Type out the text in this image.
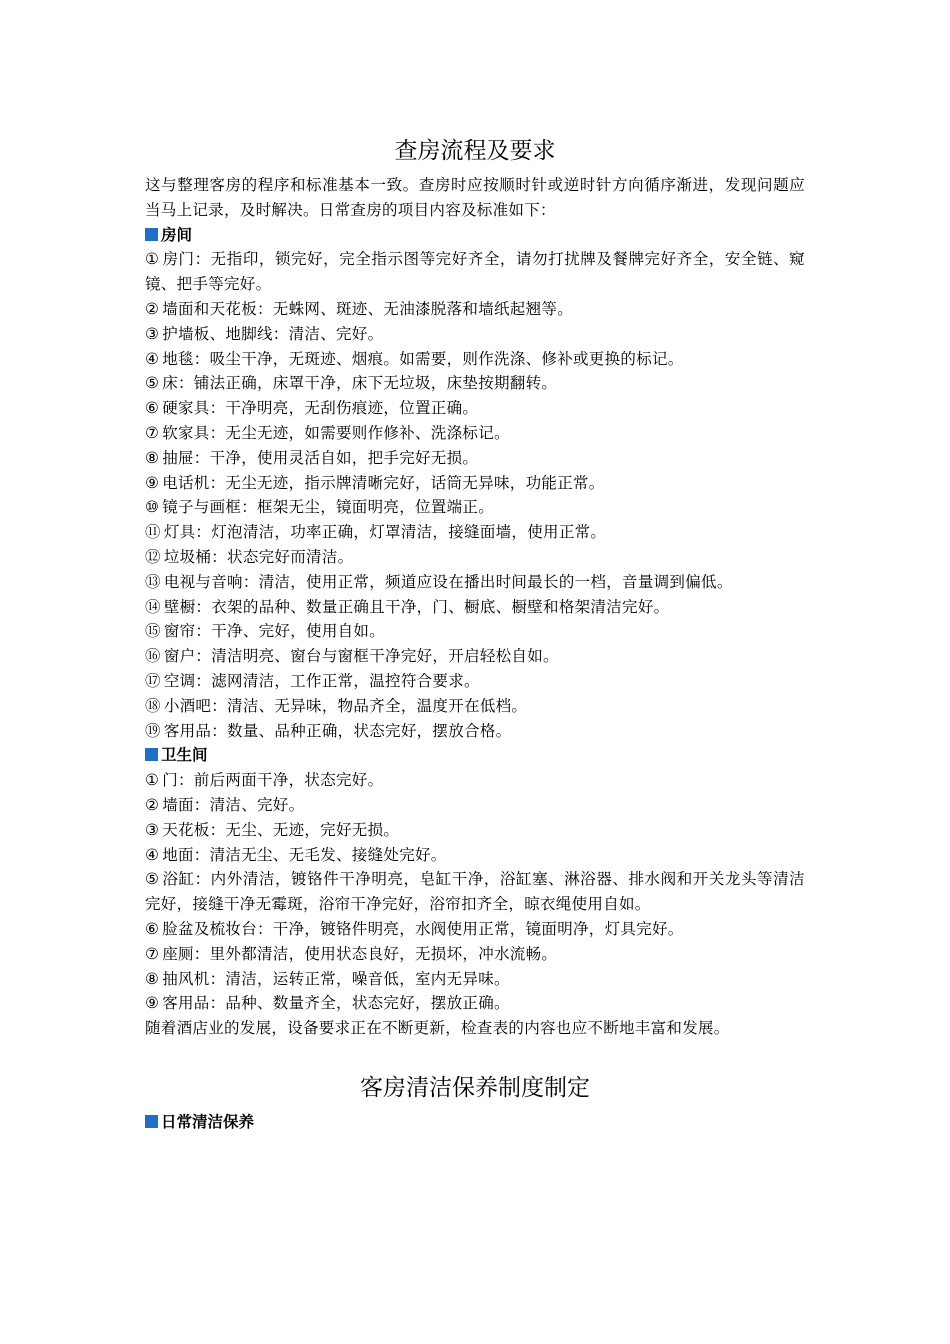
查房流程及要求

这与整理客房的程序和标准基本一致。查房时应按顺时针或逆时针方向循序渐进，发现问题应当马上记录，及时解决。日常查房的项目内容及标准如下：

房间

① 房门：无指印，锁完好，完全指示图等完好齐全，请勿打扰牌及餐牌完好齐全，安全链、窥镜、把手等完好。

② 墙面和天花板：无蛛网、斑迹、无油漆脱落和墙纸起翘等。

③ 护墙板、地脚线：清洁、完好。

④ 地毯：吸尘干净，无斑迹、烟痕。如需要，则作洗涤、修补或更换的标记。

⑤ 床：铺法正确，床罩干净，床下无垃圾，床垫按期翻转。

⑥ 硬家具：干净明亮，无刮伤痕迹，位置正确。

⑦ 软家具：无尘无迹，如需要则作修补、洗涤标记。

⑧ 抽屉：干净，使用灵活自如，把手完好无损。

⑨ 电话机：无尘无迹，指示牌清晰完好，话筒无异味，功能正常。

⑩ 镜子与画框：框架无尘，镜面明亮，位置端正。

⑪ 灯具：灯泡清洁，功率正确，灯罩清洁，接缝面墙，使用正常。

⑫ 垃圾桶：状态完好而清洁。

⑬ 电视与音响：清洁，使用正常，频道应设在播出时间最长的一档，音量调到偏低。

⑭ 壁橱：衣架的品种、数量正确且干净，门、橱底、橱壁和格架清洁完好。

⑮ 窗帘：干净、完好，使用自如。

⑯ 窗户：清洁明亮、窗台与窗框干净完好，开启轻松自如。

⑰ 空调：滤网清洁，工作正常，温控符合要求。

⑱ 小酒吧：清洁、无异味，物品齐全，温度开在低档。

⑲ 客用品：数量、品种正确，状态完好，摆放合格。

卫生间

① 门：前后两面干净，状态完好。

② 墙面：清洁、完好。

③ 天花板：无尘、无迹，完好无损。

④ 地面：清洁无尘、无毛发、接缝处完好。

⑤ 浴缸：内外清洁，镀铬件干净明亮，皂缸干净，浴缸塞、淋浴器、排水阀和开关龙头等清洁完好，接缝干净无霉斑，浴帘干净完好，浴帘扣齐全，晾衣绳使用自如。

⑥ 脸盆及梳妆台：干净，镀铬件明亮，水阀使用正常，镜面明净，灯具完好。

⑦ 座厕：里外都清洁，使用状态良好，无损坏，冲水流畅。

⑧ 抽风机：清洁，运转正常，噪音低，室内无异味。

⑨ 客用品：品种、数量齐全，状态完好，摆放正确。

随着酒店业的发展，设备要求正在不断更新，检查表的内容也应不断地丰富和发展。

客房清洁保养制度制定
日常清洁保养
